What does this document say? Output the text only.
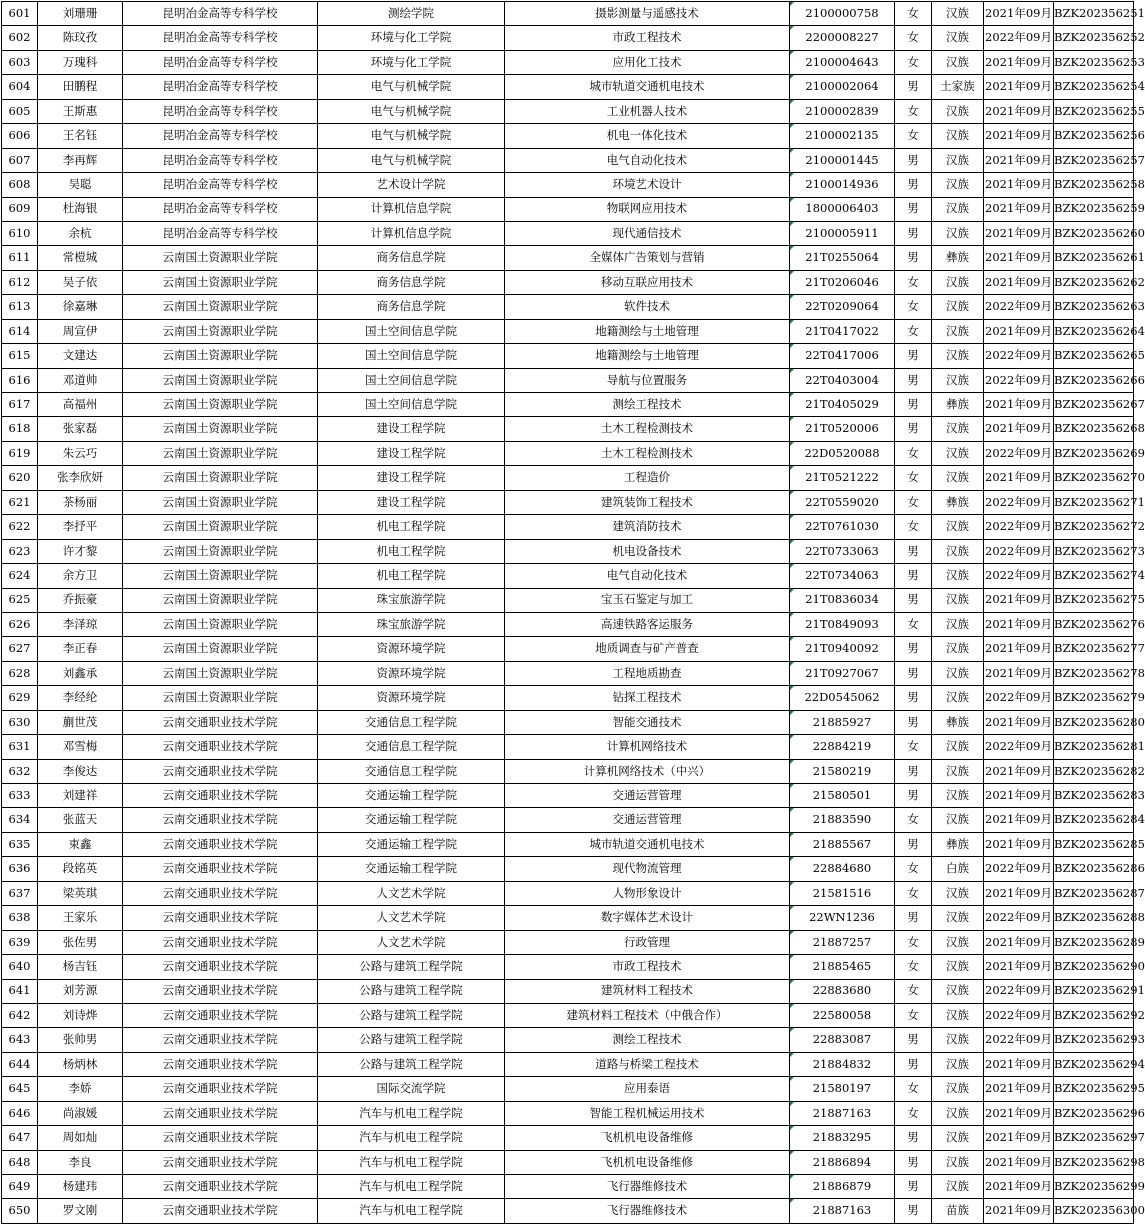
601	刘珊珊	昆明冶金高等专科学校	测绘学院	摄影测量与遥感技术	2100000758	女	汉族	2021年09月	BZK202356251
602	陈玟孜	昆明冶金高等专科学校	环境与化工学院	市政工程技术	2200008227	女	汉族	2022年09月	BZK202356252
603	万瑰科	昆明冶金高等专科学校	环境与化工学院	应用化工技术	2100004643	女	汉族	2021年09月	BZK202356253
604	田鹏程	昆明冶金高等专科学校	电气与机械学院	城市轨道交通机电技术	2100002064	男	土家族	2021年09月	BZK202356254
605	王斯惠	昆明冶金高等专科学校	电气与机械学院	工业机器人技术	2100002839	女	汉族	2021年09月	BZK202356255
606	王名钰	昆明冶金高等专科学校	电气与机械学院	机电一体化技术	2100002135	女	汉族	2021年09月	BZK202356256
607	李再辉	昆明冶金高等专科学校	电气与机械学院	电气自动化技术	2100001445	男	汉族	2021年09月	BZK202356257
608	吴聪	昆明冶金高等专科学校	艺术设计学院	环境艺术设计	2100014936	男	汉族	2021年09月	BZK202356258
609	杜海银	昆明冶金高等专科学校	计算机信息学院	物联网应用技术	1800006403	男	汉族	2021年09月	BZK202356259
610	余杭	昆明冶金高等专科学校	计算机信息学院	现代通信技术	2100005911	男	汉族	2021年09月	BZK202356260
611	常榿城	云南国土资源职业学院	商务信息学院	全媒体广告策划与营销	21T0255064	男	彝族	2021年09月	BZK202356261
612	吴子依	云南国土资源职业学院	商务信息学院	移动互联应用技术	21T0206046	女	汉族	2021年09月	BZK202356262
613	徐嘉琳	云南国土资源职业学院	商务信息学院	软件技术	22T0209064	女	汉族	2022年09月	BZK202356263
614	周宣伊	云南国土资源职业学院	国土空间信息学院	地籍测绘与土地管理	21T0417022	女	汉族	2021年09月	BZK202356264
615	文建达	云南国土资源职业学院	国土空间信息学院	地籍测绘与土地管理	22T0417006	男	汉族	2022年09月	BZK202356265
616	邓道帅	云南国土资源职业学院	国土空间信息学院	导航与位置服务	22T0403004	男	汉族	2022年09月	BZK202356266
617	高福州	云南国土资源职业学院	国土空间信息学院	测绘工程技术	21T0405029	男	彝族	2021年09月	BZK202356267
618	张家磊	云南国土资源职业学院	建设工程学院	土木工程检测技术	21T0520006	男	汉族	2021年09月	BZK202356268
619	朱云巧	云南国土资源职业学院	建设工程学院	土木工程检测技术	22D0520088	女	汉族	2022年09月	BZK202356269
620	张李欣妍	云南国土资源职业学院	建设工程学院	工程造价	21T0521222	女	汉族	2021年09月	BZK202356270
621	茶杨丽	云南国土资源职业学院	建设工程学院	建筑装饰工程技术	22T0559020	女	彝族	2022年09月	BZK202356271
622	李抒平	云南国土资源职业学院	机电工程学院	建筑消防技术	22T0761030	女	汉族	2022年09月	BZK202356272
623	许才黎	云南国土资源职业学院	机电工程学院	机电设备技术	22T0733063	男	汉族	2022年09月	BZK202356273
624	余方卫	云南国土资源职业学院	机电工程学院	电气自动化技术	22T0734063	男	汉族	2022年09月	BZK202356274
625	乔振豪	云南国土资源职业学院	珠宝旅游学院	宝玉石鉴定与加工	21T0836034	男	汉族	2021年09月	BZK202356275
626	李泽琼	云南国土资源职业学院	珠宝旅游学院	高速铁路客运服务	21T0849093	女	汉族	2021年09月	BZK202356276
627	李正春	云南国土资源职业学院	资源环境学院	地质调查与矿产普查	21T0940092	男	汉族	2021年09月	BZK202356277
628	刘鑫承	云南国土资源职业学院	资源环境学院	工程地质勘查	21T0927067	男	汉族	2021年09月	BZK202356278
629	李经纶	云南国土资源职业学院	资源环境学院	钻探工程技术	22D0545062	男	汉族	2022年09月	BZK202356279
630	蒯世茂	云南交通职业技术学院	交通信息工程学院	智能交通技术	21885927	男	彝族	2021年09月	BZK202356280
631	邓雪梅	云南交通职业技术学院	交通信息工程学院	计算机网络技术	22884219	女	汉族	2022年09月	BZK202356281
632	李俊达	云南交通职业技术学院	交通信息工程学院	计算机网络技术（中兴）	21580219	男	汉族	2021年09月	BZK202356282
633	刘建祥	云南交通职业技术学院	交通运输工程学院	交通运营管理	21580501	男	汉族	2021年09月	BZK202356283
634	张蓝天	云南交通职业技术学院	交通运输工程学院	交通运营管理	21883590	女	汉族	2021年09月	BZK202356284
635	束鑫	云南交通职业技术学院	交通运输工程学院	城市轨道交通机电技术	21885567	男	彝族	2021年09月	BZK202356285
636	段铭英	云南交通职业技术学院	交通运输工程学院	现代物流管理	22884680	女	白族	2022年09月	BZK202356286
637	梁英琪	云南交通职业技术学院	人文艺术学院	人物形象设计	21581516	女	汉族	2021年09月	BZK202356287
638	王家乐	云南交通职业技术学院	人文艺术学院	数字媒体艺术设计	22WN1236	男	汉族	2022年09月	BZK202356288
639	张佐男	云南交通职业技术学院	人文艺术学院	行政管理	21887257	女	汉族	2021年09月	BZK202356289
640	杨吉钰	云南交通职业技术学院	公路与建筑工程学院	市政工程技术	21885465	女	汉族	2021年09月	BZK202356290
641	刘芳源	云南交通职业技术学院	公路与建筑工程学院	建筑材料工程技术	22883680	女	汉族	2022年09月	BZK202356291
642	刘诗烨	云南交通职业技术学院	公路与建筑工程学院	建筑材料工程技术（中俄合作）	22580058	女	汉族	2022年09月	BZK202356292
643	张帅男	云南交通职业技术学院	公路与建筑工程学院	测绘工程技术	22883087	男	汉族	2022年09月	BZK202356293
644	杨炳林	云南交通职业技术学院	公路与建筑工程学院	道路与桥梁工程技术	21884832	男	汉族	2021年09月	BZK202356294
645	李娇	云南交通职业技术学院	国际交流学院	应用泰语	21580197	女	汉族	2021年09月	BZK202356295
646	尚淑媛	云南交通职业技术学院	汽车与机电工程学院	智能工程机械运用技术	21887163	女	汉族	2021年09月	BZK202356296
647	周如灿	云南交通职业技术学院	汽车与机电工程学院	飞机机电设备维修	21883295	男	汉族	2021年09月	BZK202356297
648	李良	云南交通职业技术学院	汽车与机电工程学院	飞机机电设备维修	21886894	男	汉族	2021年09月	BZK202356298
649	杨建玮	云南交通职业技术学院	汽车与机电工程学院	飞行器维修技术	21886879	男	汉族	2021年09月	BZK202356299
650	罗文刚	云南交通职业技术学院	汽车与机电工程学院	飞行器维修技术	21887163	男	苗族	2021年09月	BZK202356300
